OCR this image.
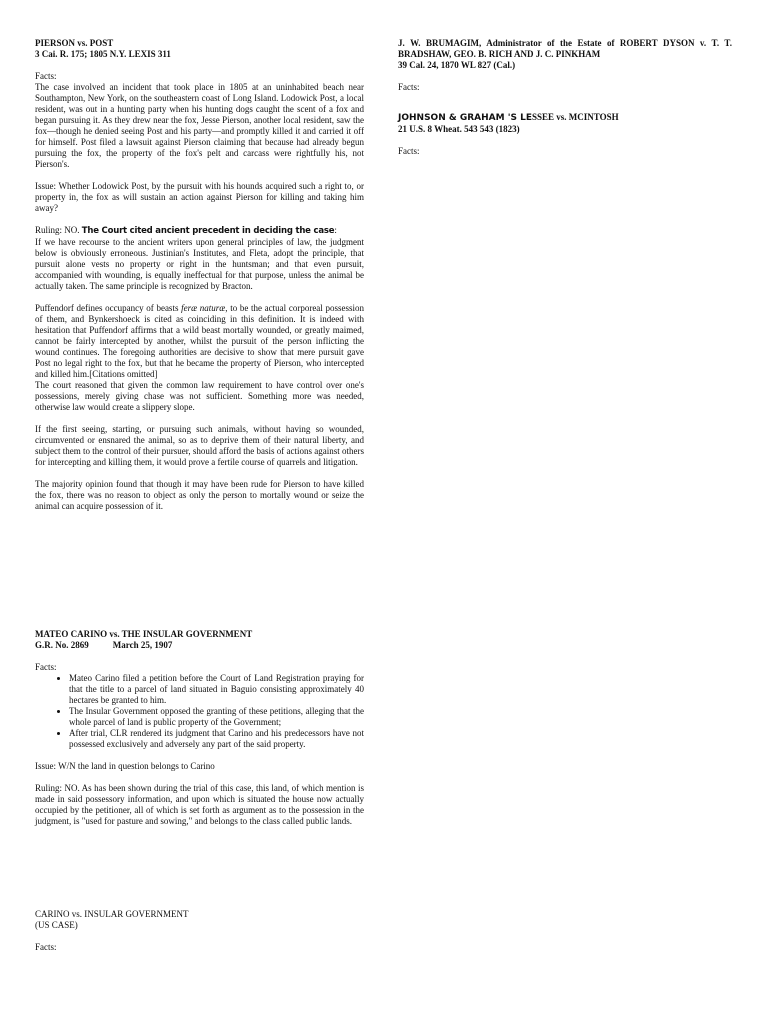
PIERSON vs. POST
3 Cai. R. 175; 1805 N.Y. LEXIS 311

Facts:

The case involved an incident that took place in 1805 at an uninhabited beach near Southampton, New York, on the southeastern coast of Long Island. Lodowick Post, a local resident, was out in a hunting party when his hunting dogs caught the scent of a fox and began pursuing it. As they drew near the fox, Jesse Pierson, another local resident, saw the fox—though he denied seeing Post and his party—and promptly killed it and carried it off for himself. Post filed a lawsuit against Pierson claiming that because had already begun pursuing the fox, the property of the fox's pelt and carcass were rightfully his, not Pierson's.

Issue: Whether Lodowick Post, by the pursuit with his hounds acquired such a right to, or property in, the fox as will sustain an action against Pierson for killing and taking him away?

Ruling: NO. The Court cited ancient precedent in deciding the case:

If we have recourse to the ancient writers upon general principles of law, the judgment below is obviously erroneous. Justinian's Institutes, and Fleta, adopt the principle, that pursuit alone vests no property or right in the huntsman; and that even pursuit, accompanied with wounding, is equally ineffectual for that purpose, unless the animal be actually taken. The same principle is recognized by Bracton.

Puffendorf defines occupancy of beasts feræ naturæ, to be the actual corporeal possession of them, and Bynkershoeck is cited as coinciding in this definition. It is indeed with hesitation that Puffendorf affirms that a wild beast mortally wounded, or greatly maimed, cannot be fairly intercepted by another, whilst the pursuit of the person inflicting the wound continues. The foregoing authorities are decisive to show that mere pursuit gave Post no legal right to the fox, but that he became the property of Pierson, who intercepted and killed him.[Citations omitted]

The court reasoned that given the common law requirement to have control over one's possessions, merely giving chase was not sufficient. Something more was needed, otherwise law would create a slippery slope.

If the first seeing, starting, or pursuing such animals, without having so wounded, circumvented or ensnared the animal, so as to deprive them of their natural liberty, and subject them to the control of their pursuer, should afford the basis of actions against others for intercepting and killing them, it would prove a fertile course of quarrels and litigation.

The majority opinion found that though it may have been rude for Pierson to have killed the fox, there was no reason to object as only the person to mortally wound or seize the animal can acquire possession of it.

MATEO CARINO vs. THE INSULAR GOVERNMENT
G.R. No. 2869	March 25, 1907

Facts:

• Mateo Carino filed a petition before the Court of Land Registration praying for that the title to a parcel of land situated in Baguio consisting approximately 40 hectares be granted to him.
• The Insular Government opposed the granting of these petitions, alleging that the whole parcel of land is public property of the Government;
• After trial, CLR rendered its judgment that Carino and his predecessors have not possessed exclusively and adversely any part of the said property.

Issue: W/N the land in question belongs to Carino

Ruling: NO. As has been shown during the trial of this case, this land, of which mention is made in said possessory information, and upon which is situated the house now actually occupied by the petitioner, all of which is set forth as argument as to the possession in the judgment, is "used for pasture and sowing," and belongs to the class called public lands.

CARINO vs. INSULAR GOVERNMENT
(US CASE)

Facts:

J. W. BRUMAGIM, Administrator of the Estate of ROBERT DYSON v. T. T. BRADSHAW, GEO. B. RICH AND J. C. PINKHAM

39 Cal. 24, 1870 WL 827 (Cal.)

Facts:

JOHNSON & GRAHAM 'S LESSEE vs. MCINTOSH
21 U.S. 8 Wheat. 543 543 (1823)

Facts:
